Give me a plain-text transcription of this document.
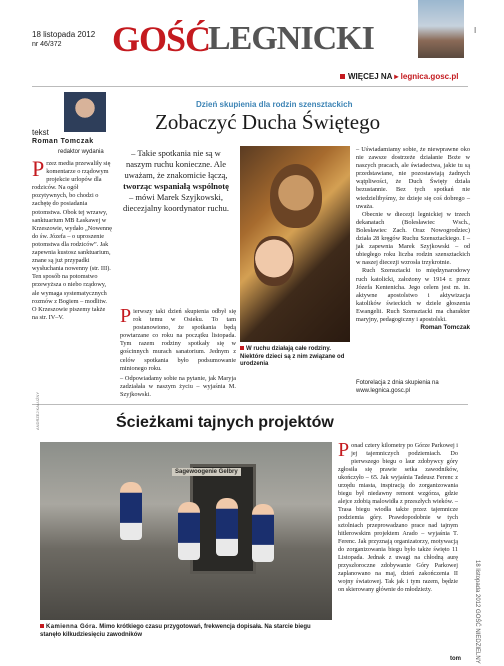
18 listopada 2012
nr 46/372 GOŚĆ
LEGNICKI	I
WIĘCEJ NA ▸ legnica.gosc.pl
tekst
Roman Tomczak
redaktor wydania
Przez media przewaliły się komentarze o rządowym projekcie urlopów dla rodziców. Na ogół pozytywnych, bo chodzi o zachętę do posiadania potomstwa. Obok tej wrzawy, sanktuarium MB Łaskawej w Krzeszowie, wydało „Nowennę do św. Józefa – o uproszenie potomstwa dla rodziców”. Jak zapewnia kustosz sanktuarium, znane są już przypadki wysłuchania nowenny (str. III). Ten sposób na potomstwo przewyższa o niebo rządowy, ale wymaga systematycznych rozmów z Bogiem – modlitw. O Krzeszowie piszemy także na str. IV–V.
Dzień skupienia dla rodzin szensztackich
Zobaczyć Ducha Świętego
– Takie spotkania nie są w naszym ruchu konieczne. Ale uważam, że znakomicie łączą, tworząc wspaniałą wspólnotę – mówi Marek Szyjkowski, diecezjalny koordynator ruchu.
Pierwszy taki dzień skupienia odbył się rok temu w Osieku. To tam postanowiono, że spotkania będą powtarzane co roku na początku listopada. Tym razem rodziny spotkały się w gościnnych murach sanatorium. Jednym z celów spotkania było podsumowanie minionego roku.
– Odpowiadamy sobie na pytanie, jak Maryja zadziałała w naszym życiu – wyjaśnia M. Szyjkowski.
W ruchu działają całe rodziny. Niektóre dzieci są z nim związane od urodzenia
– Uświadamiamy sobie, że niewprawne oko nie zawsze dostrzeże działanie Boże w naszych pracach, ale świadectwa, jakie tu są przedstawiane, nie pozostawiają żadnych wątpliwości, że Duch Święty działa bezustannie. Bez tych spotkań nie wiedzielibyśmy, że dzieje się coś dobrego – uważa.
Obecnie w diecezji legnickiej w trzech dekanatach (Bolesławiec Wsch., Bolesławiec Zach. Oraz Nowogrodziec) działa 28 kręgów Ruchu Szensztackiego. I – jak zapewnia Marek Szyjkowski – od ubiegłego roku liczba rodzin szensztackich w naszej diecezji wzrosła trzykrotnie.
Ruch Szensztacki to międzynarodowy ruch katolicki, założony w 1914 r. przez Józefa Kentenicha. Jego celem jest m. in. aktywne apostolstwo i aktywizacja katolików świeckich w dziele głoszenia Ewangelii. Ruch Szensztacki ma charakter maryjny, pedagogiczny i apostolski.
Roman Tomczak
Fotorelacja z dnia skupienia na www.legnica.gosc.pl
Ścieżkami tajnych projektów
ANDRZEJ KAŁUŻNY
Sagewoogenie Gelbry
Kamienna Góra. Mimo krótkiego czasu przygotowań, frekwencja dopisała. Na starcie biegu stanęło kilkudziesięciu zawodników
Ponad cztery kilometry po Górze Parkowej i jej tajemniczych podziemiach. Do pierwszego biegu o laur zdobywcy góry zgłosiła się prawie setka zawodników, ukończyło – 65. Jak wyjaśnia Tadeusz Ferenc z urzędu miasta, inspiracją do zorganizowania biegu był niedawny remont wzgórza, gdzie alejce zdobią malowidła z przeszłych wieków. – Trasa biegu wiodła także przez tajemnicze podziemia góry. Prawdopodobnie w tych sztolniach przeprowadzano prace nad tajnym hitlerowskim projektem Arado – wyjaśnia T. Ferenc. Jak przyznają organizatorzy, motywacją do zorganizowania biegu było także święto 11 Listopada. Jednak z uwagi na chłodną aurę przyszłoroczne zdobywanie Góry Parkowej zaplanowano na maj, dzień zakończenia II wojny światowej. Tak jak i tym razem, będzie on skierowany głównie do młodzieży.
tom 18 listopada 2012 GOŚĆ NIEDZIELNY
